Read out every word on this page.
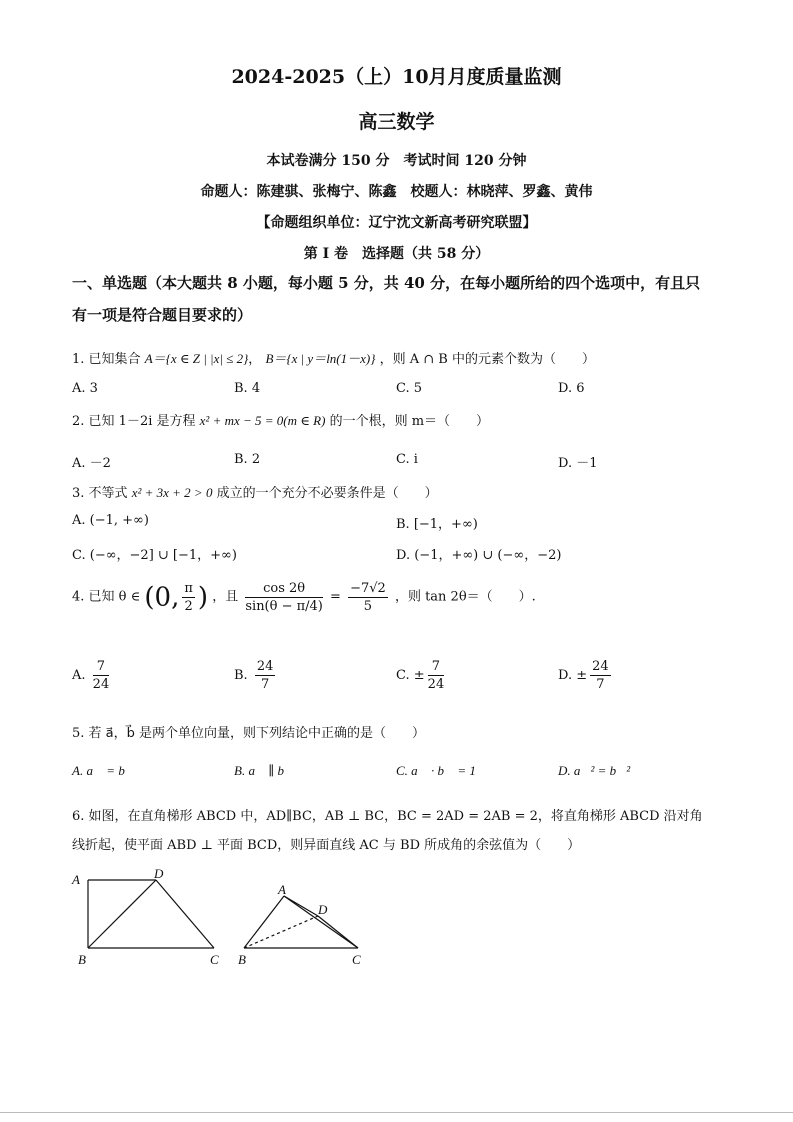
2024-2025（上）10月月度质量监测
高三数学
本试卷满分 150 分　考试时间 120 分钟
命题人：陈建骐、张梅宁、陈鑫　校题人：林晓萍、罗鑫、黄伟
【命题组织单位：辽宁沈文新高考研究联盟】
第 I 卷　选择题（共 58 分）
一、单选题（本大题共 8 小题，每小题 5 分，共 40 分，在每小题所给的四个选项中，有且只
有一项是符合题目要求的）
1. 已知集合 A＝{x ∈ Z | |x| ≤ 2}， B＝{x | y＝ln(1－x)} ，则 A ∩ B 中的元素个数为（　　）
A. 3	B. 4	C. 5	D. 6
2. 已知 1－2i 是方程 x² + mx − 5 = 0(m ∈ R) 的一个根，则 m＝（　　）
A. －2	B. 2	C. i	D. －1
3. 不等式 x² + 3x + 2 > 0 成立的一个充分不必要条件是（　　）
A. (−1, +∞)	B. [−1，+∞)
C. (−∞，−2] ∪ [−1，+∞)	D. (−1，+∞) ∪ (−∞，−2)
4. 已知 θ ∈ (0, $\frac{\pi}{2}$ ) ，且 $\frac{\cos 2\theta}{\sin(\theta - \pi/4)} = \frac{-7√2}{5}$ ，则 tan 2θ＝（　　）.
A. $\frac{7}{24}$	B. $\frac{24}{7}$	C. ± $\frac{7}{24}$	D. ± $\frac{24}{7}$
5. 若 a⃗，b⃗ 是两个单位向量，则下列结论中正确的是（　　）
A. a⃗ = b⃗	B. a⃗ ∥ b⃗	C. a⃗ · b⃗ = 1	D. a⃗² = b⃗²
6. 如图，在直角梯形 ABCD 中，AD∥BC，AB ⊥ BC，BC = 2AD = 2AB = 2，将直角梯形 ABCD 沿对角
线折起，使平面 ABD ⊥ 平面 BCD，则异面直线 AC 与 BD 所成角的余弦值为（　　）
A	D
B	C
A
D
B	C
